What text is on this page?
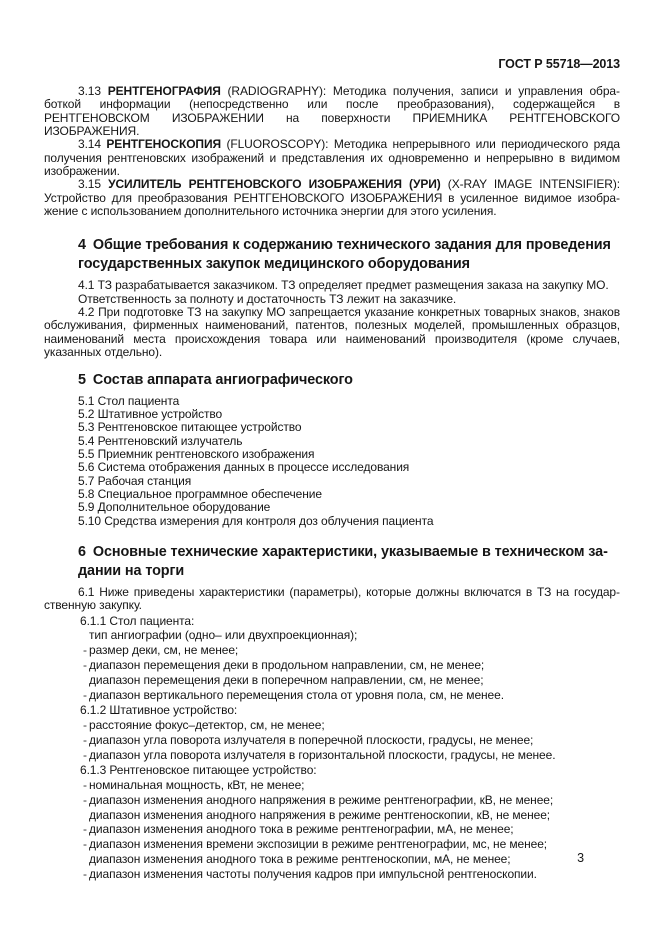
ГОСТ Р 55718—2013

3.13 РЕНТГЕНОГРАФИЯ (RADIOGRAPHY): Методика получения, записи и управления обработкой информации (непосредственно или после преобразования), содержащейся в РЕНТГЕНОВСКОМ ИЗОБРАЖЕНИИ на поверхности ПРИЕМНИКА РЕНТГЕНОВСКОГО ИЗОБРАЖЕНИЯ.

3.14 РЕНТГЕНОСКОПИЯ (FLUOROSCOPY): Методика непрерывного или периодического ряда получения рентгеновских изображений и представления их одновременно и непрерывно в видимом изображении.

3.15 УСИЛИТЕЛЬ РЕНТГЕНОВСКОГО ИЗОБРАЖЕНИЯ (УРИ) (X-RAY IMAGE INTENSIFIER): Устройство для преобразования РЕНТГЕНОВСКОГО ИЗОБРАЖЕНИЯ в усиленное видимое изображение с использованием дополнительного источника энергии для этого усиления.

4 Общие требования к содержанию технического задания для проведения государственных закупок медицинского оборудования

4.1 ТЗ разрабатывается заказчиком. ТЗ определяет предмет размещения заказа на закупку МО.

Ответственность за полноту и достаточность ТЗ лежит на заказчике.

4.2 При подготовке ТЗ на закупку МО запрещается указание конкретных товарных знаков, знаков обслуживания, фирменных наименований, патентов, полезных моделей, промышленных образцов, наименований места происхождения товара или наименований производителя (кроме случаев, указанных отдельно).

5 Состав аппарата ангиографического
5.1 Стол пациента
5.2 Штативное устройство
5.3 Рентгеновское питающее устройство
5.4 Рентгеновский излучатель
5.5 Приемник рентгеновского изображения
5.6 Система отображения данных в процессе исследования
5.7 Рабочая станция
5.8 Специальное программное обеспечение
5.9 Дополнительное оборудование
5.10 Средства измерения для контроля доз облучения пациента
6 Основные технические характеристики, указываемые в техническом задании на торги

6.1 Ниже приведены характеристики (параметры), которые должны включатся в ТЗ на государственную закупку.

6.1.1 Стол пациента:
тип ангиографии (одно– или двухпроекционная);
- размер деки, см, не менее;
- диапазон перемещения деки в продольном направлении, см, не менее;
диапазон перемещения деки в поперечном направлении, см, не менее;
- диапазон вертикального перемещения стола от уровня пола, см, не менее.
6.1.2 Штативное устройство:
- расстояние фокус–детектор, см, не менее;
- диапазон угла поворота излучателя в поперечной плоскости, градусы, не менее;
- диапазон угла поворота излучателя в горизонтальной плоскости, градусы, не менее.
6.1.3 Рентгеновское питающее устройство:
- номинальная мощность, кВт, не менее;
- диапазон изменения анодного напряжения в режиме рентгенографии, кВ, не менее;
диапазон изменения анодного напряжения в режиме рентгеноскопии, кВ, не менее;
- диапазон изменения анодного тока в режиме рентгенографии, мА, не менее;
- диапазон изменения времени экспозиции в режиме рентгенографии, мс, не менее;
диапазон изменения анодного тока в режиме рентгеноскопии, мА, не менее;
- диапазон изменения частоты получения кадров при импульсной рентгеноскопии.
3
